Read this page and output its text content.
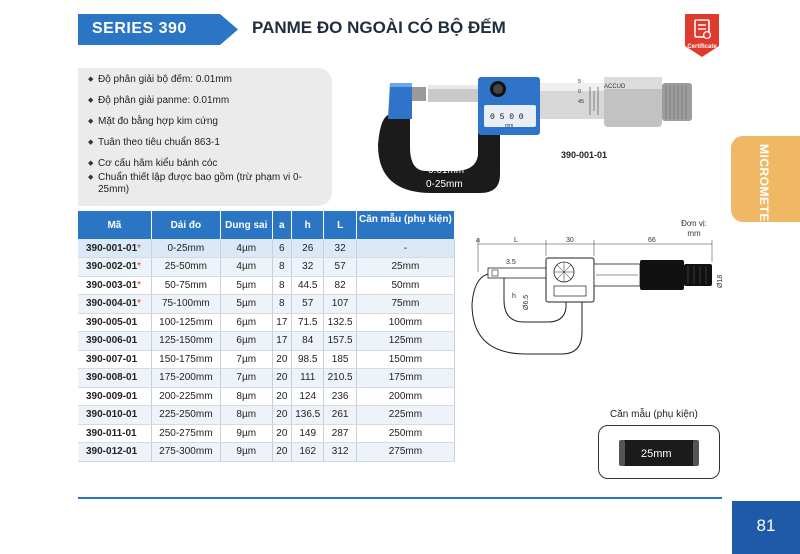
SERIES 390	PANME ĐO NGOÀI CÓ BỘ ĐẾM
Certificate
◆ Độ phân giải bộ đếm: 0.01mm
◆ Độ phân giải panme: 0.01mm
◆ Mặt đo bằng hợp kim cứng
◆ Tuân theo tiêu chuẩn 863-1
◆ Cơ cấu hãm kiểu bánh cóc
◆ Chuẩn thiết lập được bao gồm (trừ phạm vi 0-25mm)
ACCUD
5
0
45
0 5 0 0
mm
0.01mm
0-25mm
390-001-01	MICROMETER
Mã	Dải đo	Dung sai	a	h	L	Căn mẫu (phụ kiện)
390-001-01*	0-25mm	4µm	6	26	32	-
390-002-01*	25-50mm	4µm	8	32	57	25mm
390-003-01*	50-75mm	5µm	8	44.5	82	50mm
390-004-01*	75-100mm	5µm	8	57	107	75mm
390-005-01	100-125mm	6µm	17	71.5	132.5	100mm
390-006-01	125-150mm	6µm	17	84	157.5	125mm
390-007-01	150-175mm	7µm	20	98.5	185	150mm
390-008-01	175-200mm	7µm	20	111	210.5	175mm
390-009-01	200-225mm	8µm	20	124	236	200mm
390-010-01	225-250mm	8µm	20	136.5	261	225mm
390-011-01	250-275mm	9µm	20	149	287	250mm
390-012-01	275-300mm	9µm	20	162	312	275mm
Đơn vị:
mm
a	L	30	66
3.5
h Ø6.5
Ø18
Căn mẫu (phụ kiện)
25mm
81
